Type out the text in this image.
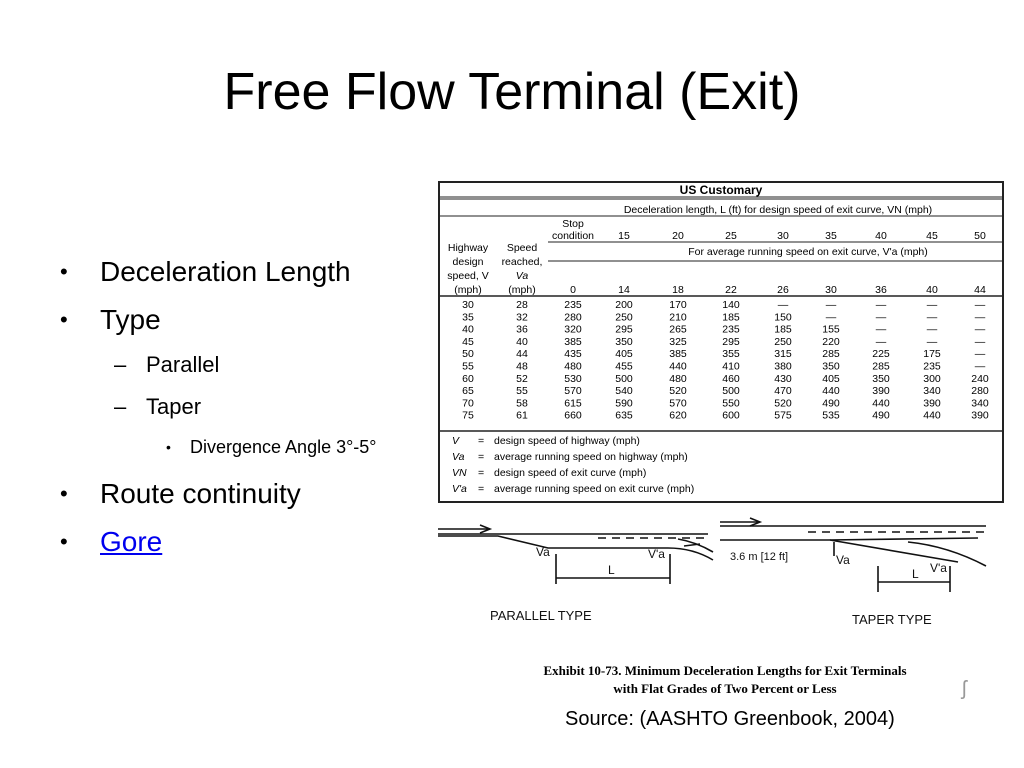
Free Flow Terminal (Exit)
• Deceleration Length
• Type
– Parallel
– Taper
• Divergence Angle 3°-5°
• Route continuity
• Gore
US Customary
Deceleration length, L (ft) for design speed of exit curve, VN (mph)
Stop
condition 15	20	25	30	35	40	45	50
For average running speed on exit curve, V'a (mph)
Highway
design
speed, V
(mph)
Speed
reached,
Va
(mph)	0	14	18	22	26	30	36	40	44
30	28	235	200	170	140	—	—	—	—	—
35	32	280	250	210	185	150	—	—	—	—
40	36	320	295	265	235	185	155	—	—	—
45	40	385	350	325	295	250	220	—	—	—
50	44	435	405	385	355	315	285	225	175	—
55	48	480	455	440	410	380	350	285	235	—
60	52	530	500	480	460	430	405	350	300	240
65	55	570	540	520	500	470	440	390	340	280
70	58	615	590	570	550	520	490	440	390	340
75	61	660	635	620	600	575	535	490	440	390
V = design speed of highway (mph)
Va = average running speed on highway (mph)
VN = design speed of exit curve (mph)
V'a = average running speed on exit curve (mph)
Va	V'a
L
PARALLEL TYPE
3.6 m [12 ft]	Va
V'a
L
TAPER TYPE
Exhibit 10-73. Minimum Deceleration Lengths for Exit Terminals
with Flat Grades of Two Percent or Less	ʃ
Source: (AASHTO Greenbook, 2004)
